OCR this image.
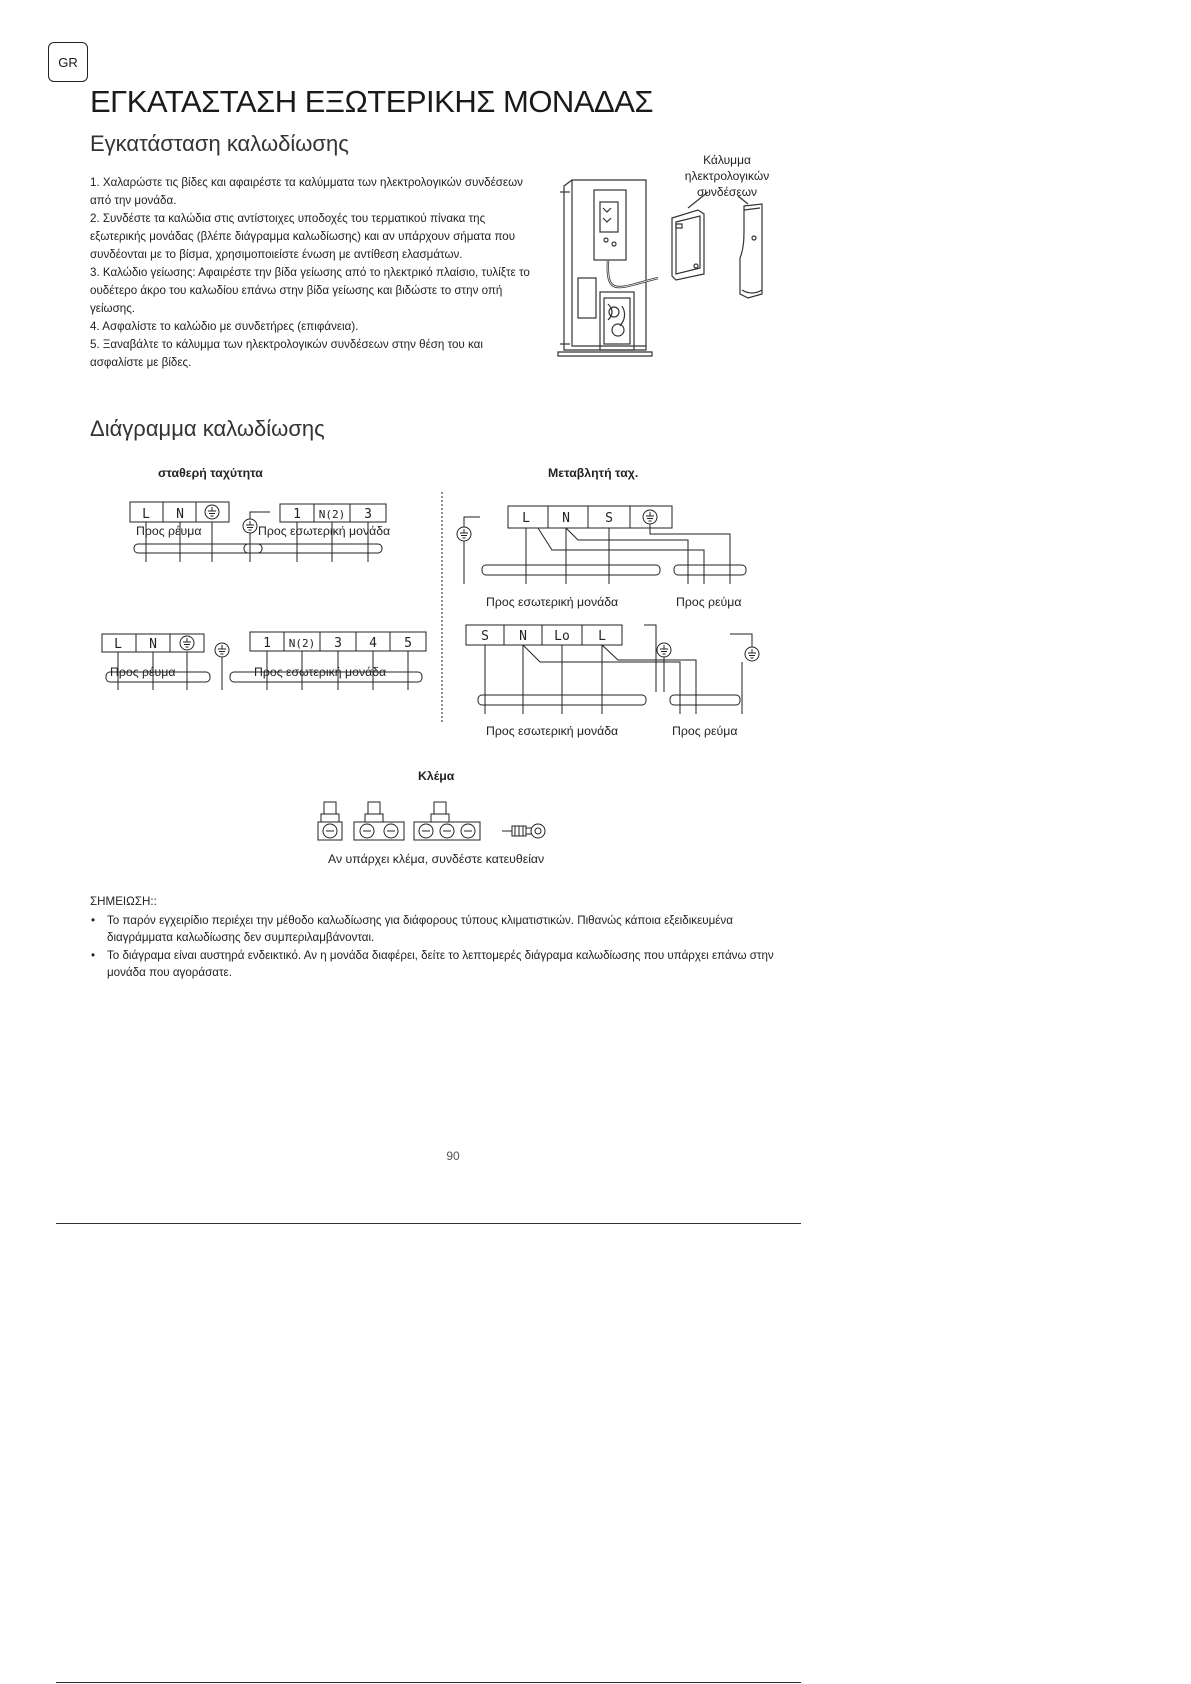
GR
ΕΓΚΑΤΑΣΤΑΣΗ ΕΞΩΤΕΡΙΚΗΣ ΜΟΝΑΔΑΣ
Εγκατάσταση καλωδίωσης

1. Χαλαρώστε τις βίδες και αφαιρέστε τα καλύμματα των ηλεκτρολογικών συνδέσεων από την μονάδα.

2. Συνδέστε τα καλώδια στις αντίστοιχες υποδοχές του τερματικού πίνακα της εξωτερικής μονάδας (βλέπε διάγραμμα καλωδίωσης) και αν υπάρχουν σήματα που συνδέονται με το βίσμα, χρησιμοποιείστε ένωση με αντίθεση ελασμάτων.

3. Καλώδιο γείωσης: Αφαιρέστε την βίδα γείωσης από το ηλεκτρικό πλαίσιο, τυλίξτε το ουδέτερο άκρο του καλωδίου επάνω στην βίδα γείωσης και βιδώστε το στην οπή γείωσης.

4. Ασφαλίστε το καλώδιο με συνδετήρες (επιφάνεια).

5. Ξαναβάλτε το κάλυμμα των ηλεκτρολογικών συνδέσεων στην θέση του και ασφαλίστε με βίδες.

Κάλυμμα
ηλεκτρολογικών
συνδέσεων
Διάγραμμα καλωδίωσης
σταθερή ταχύτητα	Μεταβλητή ταχ.
L N	1 N(2) 3
L N	1 N(2) 3 4 5
L N	S
S N Lo L
Προς ρέυμα	Προς εσωτερική μονάδα
Προς ρέυμα	Προς εσωτερική μονάδα
Προς εσωτερική μονάδα	Προς ρεύμα
Προς εσωτερική μονάδα	Προς ρεύμα
Κλέμα
Αν υπάρχει κλέμα, συνδέστε κατευθείαν

ΣΗΜΕΙΩΣΗ::

• Το παρόν εγχειρίδιο περιέχει την μέθοδο καλωδίωσης για διάφορους τύπους κλιματιστικών. Πιθανώς κάποια εξειδικευμένα διαγράμματα καλωδίωσης δεν συμπεριλαμβάνονται.
• Το διάγραμα είναι αυστηρά ενδεικτικό. Αν η μονάδα διαφέρει, δείτε το λεπτομερές διάγραμα καλωδίωσης που υπάρχει επάνω στην μονάδα που αγοράσατε.
90
